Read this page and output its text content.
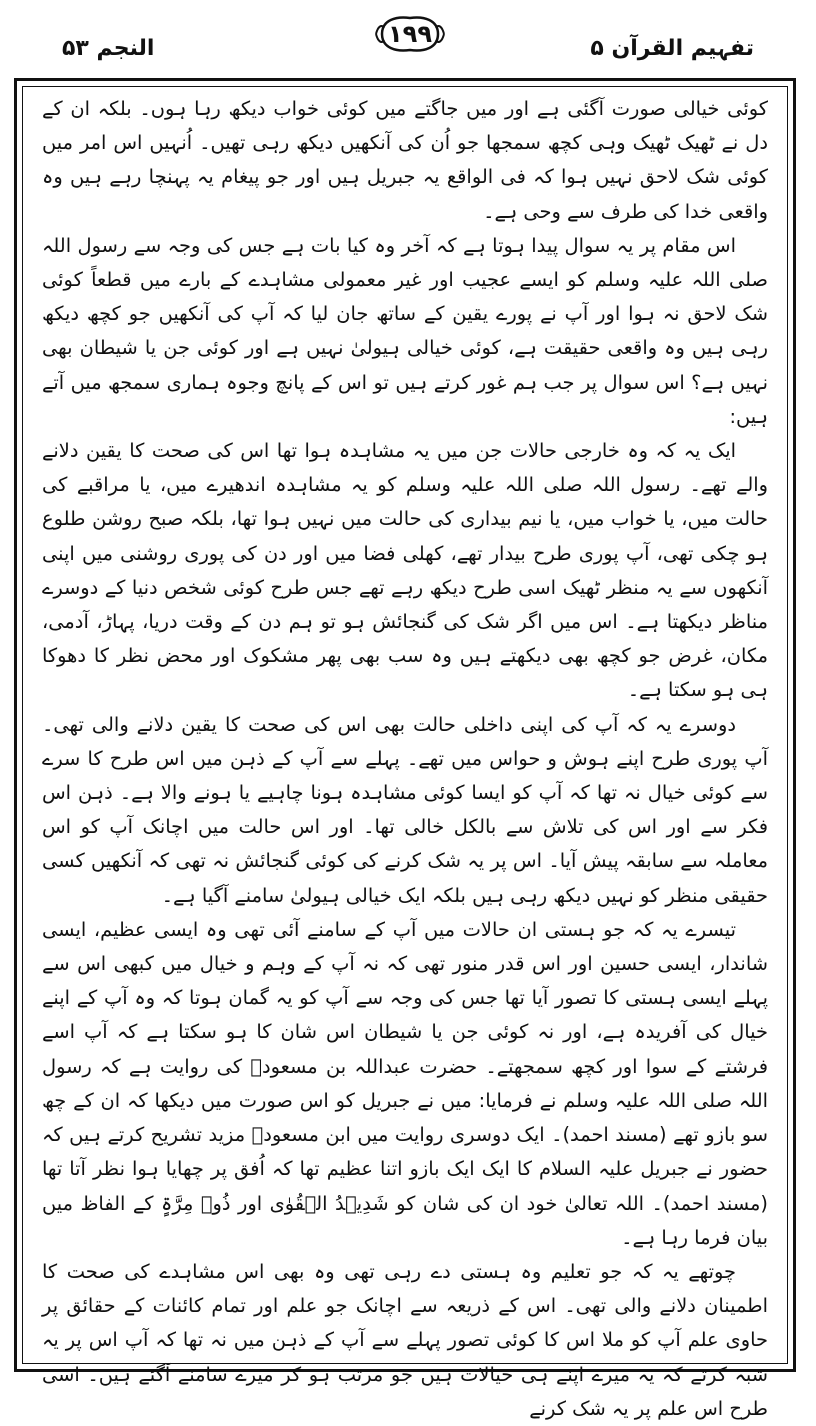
تفہیم القرآن ۵
۱۹۹
النجم ۵۳

کوئی خیالی صورت آگئی ہے اور میں جاگتے میں کوئی خواب دیکھ رہا ہوں۔ بلکہ ان کے دل نے ٹھیک ٹھیک وہی کچھ سمجھا جو اُن کی آنکھیں دیکھ رہی تھیں۔ اُنہیں اس امر میں کوئی شک لاحق نہیں ہوا کہ فی الواقع یہ جبریل ہیں اور جو پیغام یہ پہنچا رہے ہیں وہ واقعی خدا کی طرف سے وحی ہے۔

اس مقام پر یہ سوال پیدا ہوتا ہے کہ آخر وہ کیا بات ہے جس کی وجہ سے رسول اللہ صلی اللہ علیہ وسلم کو ایسے عجیب اور غیر معمولی مشاہدے کے بارے میں قطعاً کوئی شک لاحق نہ ہوا اور آپ نے پورے یقین کے ساتھ جان لیا کہ آپ کی آنکھیں جو کچھ دیکھ رہی ہیں وہ واقعی حقیقت ہے، کوئی خیالی ہیولیٰ نہیں ہے اور کوئی جن یا شیطان بھی نہیں ہے؟ اس سوال پر جب ہم غور کرتے ہیں تو اس کے پانچ وجوہ ہماری سمجھ میں آتے ہیں:

ایک یہ کہ وہ خارجی حالات جن میں یہ مشاہدہ ہوا تھا اس کی صحت کا یقین دلانے والے تھے۔ رسول اللہ صلی اللہ علیہ وسلم کو یہ مشاہدہ اندھیرے میں، یا مراقبے کی حالت میں، یا خواب میں، یا نیم بیداری کی حالت میں نہیں ہوا تھا، بلکہ صبح روشن طلوع ہو چکی تھی، آپ پوری طرح بیدار تھے، کھلی فضا میں اور دن کی پوری روشنی میں اپنی آنکھوں سے یہ منظر ٹھیک اسی طرح دیکھ رہے تھے جس طرح کوئی شخص دنیا کے دوسرے مناظر دیکھتا ہے۔ اس میں اگر شک کی گنجائش ہو تو ہم دن کے وقت دریا، پہاڑ، آدمی، مکان، غرض جو کچھ بھی دیکھتے ہیں وہ سب بھی پھر مشکوک اور محض نظر کا دھوکا ہی ہو سکتا ہے۔

دوسرے یہ کہ آپ کی اپنی داخلی حالت بھی اس کی صحت کا یقین دلانے والی تھی۔ آپ پوری طرح اپنے ہوش و حواس میں تھے۔ پہلے سے آپ کے ذہن میں اس طرح کا سرے سے کوئی خیال نہ تھا کہ آپ کو ایسا کوئی مشاہدہ ہونا چاہیے یا ہونے والا ہے۔ ذہن اس فکر سے اور اس کی تلاش سے بالکل خالی تھا۔ اور اس حالت میں اچانک آپ کو اس معاملہ سے سابقہ پیش آیا۔ اس پر یہ شک کرنے کی کوئی گنجائش نہ تھی کہ آنکھیں کسی حقیقی منظر کو نہیں دیکھ رہی ہیں بلکہ ایک خیالی ہیولیٰ سامنے آگیا ہے۔

تیسرے یہ کہ جو ہستی ان حالات میں آپ کے سامنے آئی تھی وہ ایسی عظیم، ایسی شاندار، ایسی حسین اور اس قدر منور تھی کہ نہ آپ کے وہم و خیال میں کبھی اس سے پہلے ایسی ہستی کا تصور آیا تھا جس کی وجہ سے آپ کو یہ گمان ہوتا کہ وہ آپ کے اپنے خیال کی آفریدہ ہے، اور نہ کوئی جن یا شیطان اس شان کا ہو سکتا ہے کہ آپ اسے فرشتے کے سوا اور کچھ سمجھتے۔ حضرت عبداللہ بن مسعودؓ کی روایت ہے کہ رسول اللہ صلی اللہ علیہ وسلم نے فرمایا: میں نے جبریل کو اس صورت میں دیکھا کہ ان کے چھ سو بازو تھے (مسند احمد)۔ ایک دوسری روایت میں ابن مسعودؓ مزید تشریح کرتے ہیں کہ حضور نے جبریل علیہ السلام کا ایک ایک بازو اتنا عظیم تھا کہ اُفق پر چھایا ہوا نظر آتا تھا (مسند احمد)۔ اللہ تعالیٰ خود ان کی شان کو شَدِیۡدُ الۡقُوٰی اور ذُوۡ مِرَّۃٍ کے الفاظ میں بیان فرما رہا ہے۔

چوتھے یہ کہ جو تعلیم وہ ہستی دے رہی تھی وہ بھی اس مشاہدے کی صحت کا اطمینان دلانے والی تھی۔ اس کے ذریعہ سے اچانک جو علم اور تمام کائنات کے حقائق پر حاوی علم آپ کو ملا اس کا کوئی تصور پہلے سے آپ کے ذہن میں نہ تھا کہ آپ اس پر یہ شبہ کرتے کہ یہ میرے اپنے ہی خیالات ہیں جو مرتب ہو کر میرے سامنے آگئے ہیں۔ اسی طرح اس علم پر یہ شک کرنے
